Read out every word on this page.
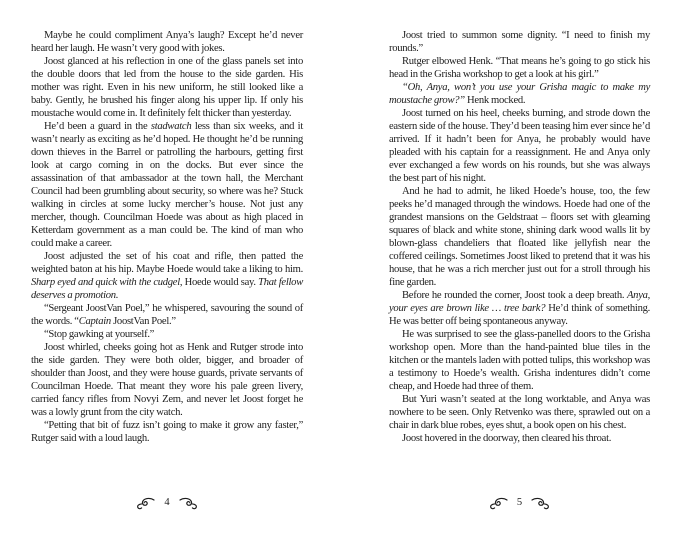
Maybe he could compliment Anya’s laugh? Except he’d never heard her laugh. He wasn’t very good with jokes.

Joost glanced at his reflection in one of the glass panels set into the double doors that led from the house to the side garden. His mother was right. Even in his new uniform, he still looked like a baby. Gently, he brushed his finger along his upper lip. If only his moustache would come in. It definitely felt thicker than yesterday.

He’d been a guard in the stadwatch less than six weeks, and it wasn’t nearly as exciting as he’d hoped. He thought he’d be running down thieves in the Barrel or patrolling the harbours, getting first look at cargo coming in on the docks. But ever since the assassination of that ambassador at the town hall, the Merchant Council had been grumbling about security, so where was he? Stuck walking in circles at some lucky mercher’s house. Not just any mercher, though. Councilman Hoede was about as high placed in Ketterdam government as a man could be. The kind of man who could make a career.

Joost adjusted the set of his coat and rifle, then patted the weighted baton at his hip. Maybe Hoede would take a liking to him. Sharp eyed and quick with the cudgel, Hoede would say. That fellow deserves a promotion.

“Sergeant JoostVan Poel,” he whispered, savouring the sound of the words. “Captain JoostVan Poel.”

“Stop gawking at yourself.”

Joost whirled, cheeks going hot as Henk and Rutger strode into the side garden. They were both older, bigger, and broader of shoulder than Joost, and they were house guards, private servants of Councilman Hoede. That meant they wore his pale green livery, carried fancy rifles from Novyi Zem, and never let Joost forget he was a lowly grunt from the city watch.

“Petting that bit of fuzz isn’t going to make it grow any faster,” Rutger said with a loud laugh.

4

Joost tried to summon some dignity. “I need to finish my rounds.”

Rutger elbowed Henk. “That means he’s going to go stick his head in the Grisha workshop to get a look at his girl.”

“Oh, Anya, won’t you use your Grisha magic to make my moustache grow?” Henk mocked.

Joost turned on his heel, cheeks burning, and strode down the eastern side of the house. They’d been teasing him ever since he’d arrived. If it hadn’t been for Anya, he probably would have pleaded with his captain for a reassignment. He and Anya only ever exchanged a few words on his rounds, but she was always the best part of his night.

And he had to admit, he liked Hoede’s house, too, the few peeks he’d managed through the windows. Hoede had one of the grandest mansions on the Geldstraat – floors set with gleaming squares of black and white stone, shining dark wood walls lit by blown-glass chandeliers that floated like jellyfish near the coffered ceilings. Sometimes Joost liked to pretend that it was his house, that he was a rich mercher just out for a stroll through his fine garden.

Before he rounded the corner, Joost took a deep breath. Anya, your eyes are brown like … tree bark? He’d think of something. He was better off being spontaneous anyway.

He was surprised to see the glass-panelled doors to the Grisha workshop open. More than the hand-painted blue tiles in the kitchen or the mantels laden with potted tulips, this workshop was a testimony to Hoede’s wealth. Grisha indentures didn’t come cheap, and Hoede had three of them.

But Yuri wasn’t seated at the long worktable, and Anya was nowhere to be seen. Only Retvenko was there, sprawled out on a chair in dark blue robes, eyes shut, a book open on his chest.

Joost hovered in the doorway, then cleared his throat.

5
